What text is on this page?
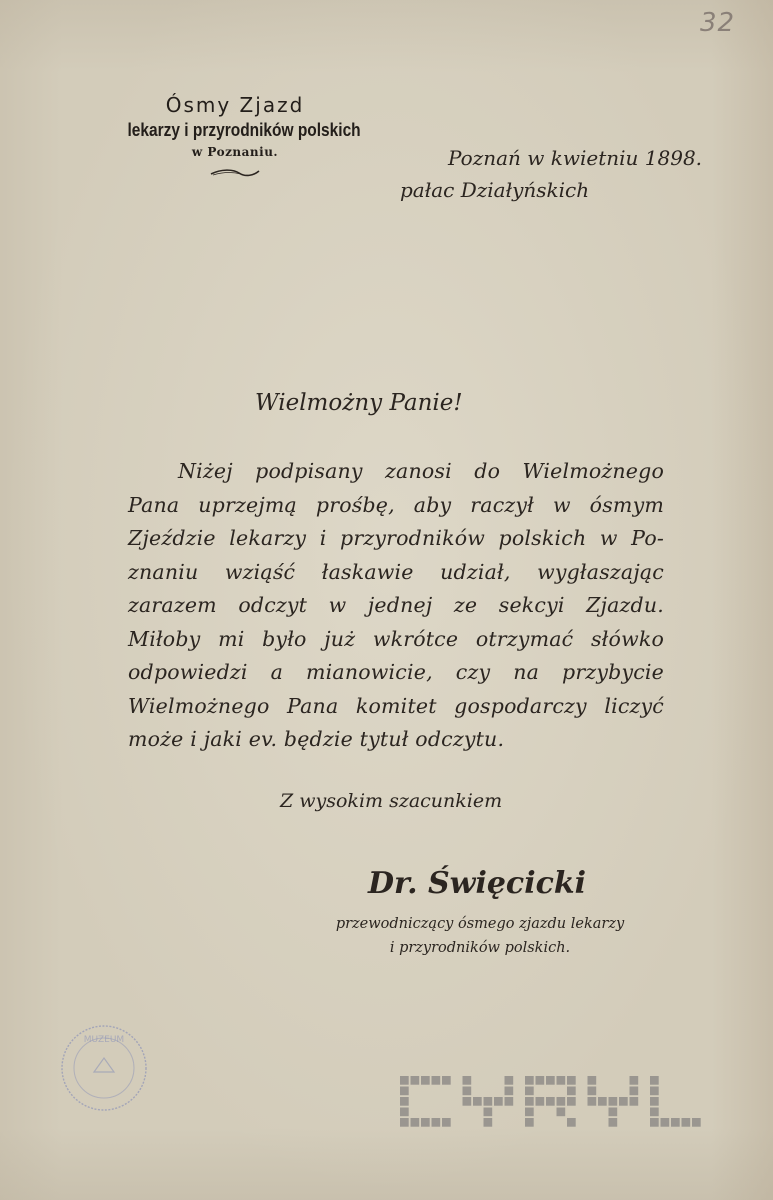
32
Ósmy Zjazd
lekarzy i przyrodników polskich
w Poznaniu.	Poznań w kwietniu 1898.
pałac Działyńskich
Wielmożny Panie!
Niżej podpisany zanosi do Wielmożnego
Pana uprzejmą prośbę, aby raczył w ósmym
Zjeździe lekarzy i przyrodników polskich w Po-
znaniu wziąść łaskawie udział, wygłaszając
zarazem odczyt w jednej ze sekcyi Zjazdu.
Miłoby mi było już wkrótce otrzymać słówko
odpowiedzi a mianowicie, czy na przybycie
Wielmożnego Pana komitet gospodarczy liczyć
może i jaki ev. będzie tytuł odczytu.
Z wysokim szacunkiem
Dr. Święcicki
przewodniczący ósmego zjazdu lekarzy
i przyrodników polskich.
MUZEUM
